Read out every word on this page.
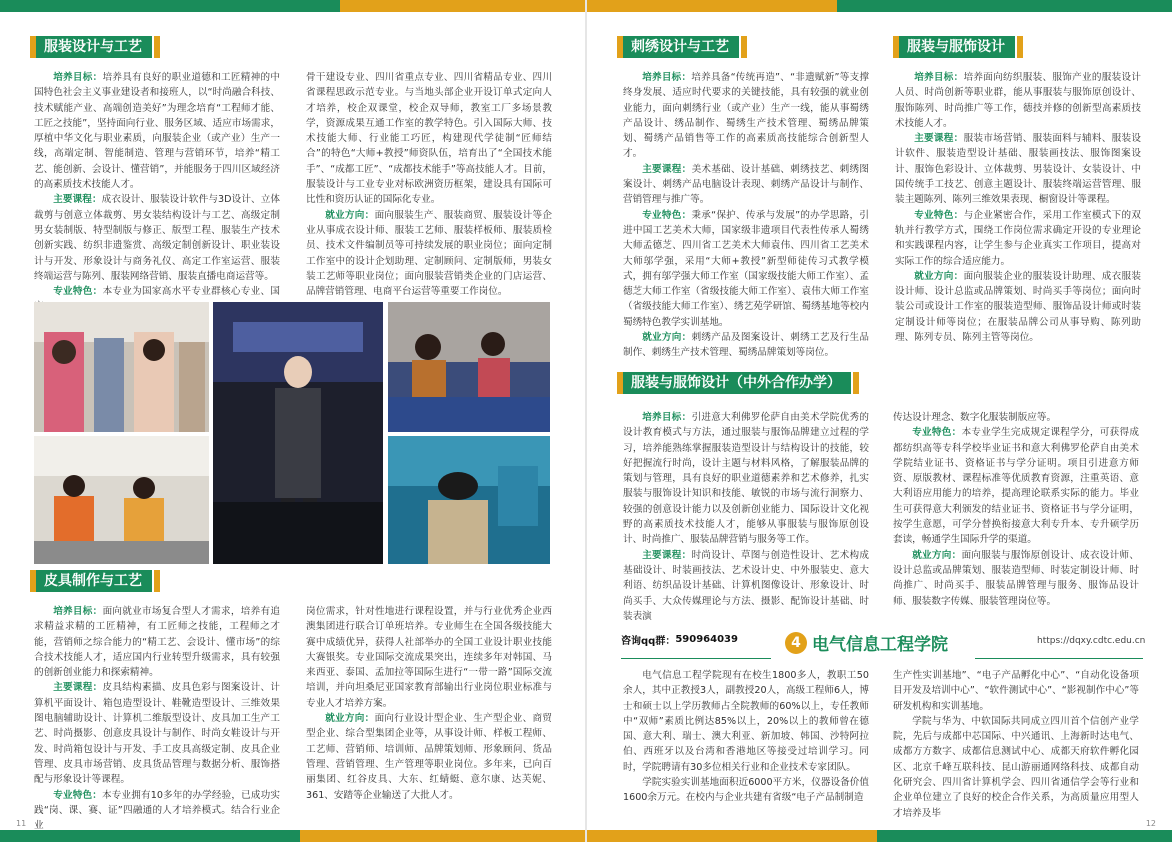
服装设计与工艺

培养目标：培养具有良好的职业道德和工匠精神的中国特色社会主义事业建设者和接班人，以“时尚融合科技、技术赋能产业、高端创造美好”为理念培育“工程师才能、工匠之技能”，坚持面向行业、服务区域、适应市场需求，厚植中华文化与职业素质，向服装企业（或产业）生产一线，高端定制、智能制造、管理与营销环节，培养“精工艺、能创新、会设计、懂营销”，并能服务于四川区域经济的高素质技术技能人才。

主要课程：成衣设计、服装设计软件与3D设计、立体裁剪与创意立体裁剪、男女装结构设计与工艺、高级定制男女装制版、特型制版与修正、版型工程、服装生产技术创新实践、纺织非遗鉴赏、高级定制创新设计、职业装设计与开发、形象设计与商务礼仪、高定工作室运营、服装终端运营与陈列、服装网络营销、服装直播电商运营等。

专业特色：本专业为国家高水平专业群核心专业、国

骨干建设专业、四川省重点专业、四川省精品专业、四川省课程思政示范专业。与当地头部企业开设订单式定向人才培养，校企双课堂，校企双导师，教室工厂多场景教学，资源成果互通工作室的教学特色。引入国际大师、技术技能大师、行业能工巧匠，构建现代学徒制“匠师结合”的特色“大师+教授”师资队伍，培育出了“全国技术能手”、“成都工匠”、“成都技术能手”等高技能人才。目前，服装设计与工业专业对标欧洲资历框架，建设具有国际可比性和资历认证的国际化专业。

就业方向：面向服装生产、服装商贸、服装设计等企业从事成衣设计师、服装工艺师、服装样板师、服装质检员、技术文件编制员等可持续发展的职业岗位；面向定制工作室中的设计企划助理、定制顾问、定制版师，男装女装工艺师等职业岗位；面向服装营销类企业的门店运营、品牌营销管理、电商平台运营等重要工作岗位。

皮具制作与工艺

培养目标：面向就业市场复合型人才需求，培养有追求精益求精的工匠精神，有工匠师之技能，工程师之才能，营销师之综合能力的“精工艺、会设计、懂市场”的综合技术技能人才，适应国内行业转型升级需求，具有较强的创新创业能力和探索精神。

主要课程：皮具结构素描、皮具色彩与图案设计、计算机平面设计、箱包造型设计、鞋靴造型设计、三维效果图电脑辅助设计、计算机二维版型设计、皮具加工生产工艺、时尚摄影、创意皮具设计与制作、时尚女鞋设计与开发、时尚箱包设计与开发、手工皮具高级定制、皮具企业管理、皮具市场营销、皮具货品管理与数据分析、服饰搭配与形象设计等课程。

专业特色：本专业拥有10多年的办学经验，已成功实践“岗、课、赛、证”四融通的人才培养模式。结合行业企业

岗位需求，针对性地进行课程设置，并与行业优秀企业西澳集团进行联合订单班培养。专业师生在全国各级技能大赛中成绩优异，获得人社部举办的全国工业设计职业技能大赛银奖。专业国际交流成果突出，连续多年对韩国、马来西亚、泰国、孟加拉等国际生进行“一带一路”国际交流培训，并向坦桑尼亚国家教育部输出行业岗位职业标准与专业人才培养方案。

就业方向：面向行业设计型企业、生产型企业、商贸型企业、综合型集团企业等，从事设计师、样板工程师、工艺师、营销师、培训师、品牌策划师、形象顾问、货品管理、营销管理、生产管理等职业岗位。多年来，已向百丽集团、红谷皮具、大东、红蜻蜓、意尔康、达芙妮、361、安踏等企业输送了大批人才。

11
刺绣设计与工艺

培养目标：培养具备“传统再造”、“非遗赋新”等支撑终身发展、适应时代要求的关键技能，具有较强的就业创业能力，面向刺绣行业（或产业）生产一线，能从事蜀绣产品设计、绣品制作、蜀绣生产技术管理、蜀绣品牌策划、蜀绣产品销售等工作的高素质高技能综合创新型人才。

主要课程：美术基础、设计基础、刺绣技艺、刺绣图案设计、刺绣产品电脑设计表现、刺绣产品设计与制作、营销管理与推广等。

专业特色：秉承“保护、传承与发展”的办学思路，引进中国工艺美术大师，国家级非遗项目代表性传承人蜀绣大师孟德芝、四川省工艺美术大师袁伟、四川省工艺美术大师邬学强，采用“大师+教授”新型师徒传习式教学模式，拥有邬学强大师工作室（国家级技能大师工作室）、孟德芝大师工作室（省级技能大师工作室）、袁伟大师工作室（省级技能大师工作室）、绣艺苑学研馆、蜀绣基地等校内蜀绣特色教学实训基地。

就业方向：刺绣产品及图案设计、刺绣工艺及行生品制作、刺绣生产技术管理、蜀绣品牌策划等岗位。

服装与服饰设计

培养目标：培养面向纺织服装、服饰产业的服装设计人员、时尚创新等职业群，能从事服装与服饰原创设计、服饰陈列、时尚推广等工作，德技并修的创新型高素质技术技能人才。

主要课程：服装市场营销、服装面料与辅料、服装设计软件、服装造型设计基础、服装画技法、服饰图案设计、服饰色彩设计、立体裁剪、男装设计、女装设计、中国传统手工技艺、创意主题设计、服装终端运营管理、服装主题陈列、陈列三维效果表现、橱窗设计等课程。

专业特色：与企业紧密合作，采用工作室模式下的双轨并行教学方式，围绕工作岗位需求确定开设的专业理论和实践课程内容，让学生参与企业真实工作项目，提高对实际工作的综合适应能力。

就业方向：面向服装企业的服装设计助理、成衣服装设计师、设计总监或品牌策划、时尚买手等岗位；面向时装公司或设计工作室的服装造型师、服饰品设计师或时装定制设计师等岗位；在服装品牌公司从事导购、陈列助理、陈列专员、陈列主管等岗位。

服装与服饰设计（中外合作办学）

培养目标：引进意大利佛罗伦萨自由美术学院优秀的设计教育模式与方法，通过服装与服饰品牌建立过程的学习，培养能熟练掌握服装造型设计与结构设计的技能，较好把握流行时尚，设计主题与材料风格，了解服装品牌的策划与管理，具有良好的职业道德素养和艺术修养，扎实服装与服饰设计知识和技能、敏锐的市场与流行洞察力、较强的创意设计能力以及创新创业能力、国际设计文化视野的高素质技术技能人才，能够从事服装与服饰原创设计、时尚推广、服装品牌营销与服务等工作。

主要课程：时尚设计、草图与创造性设计、艺术构成基础设计、时装画技法、艺术设计史、中外服装史、意大利语、纺织品设计基础、计算机图像设计、形象设计、时尚买手、大众传媒理论与方法、摄影、配饰设计基础、时装表演

传达设计理念、数字化服装制版应等。

专业特色：本专业学生完成规定课程学分，可获得成都纺织高等专科学校毕业证书和意大利佛罗伦萨自由美术学院结业证书、资格证书与学分证明。项目引进意方师资、原版教材、课程标准等优质教育资源，注重英语、意大利语应用能力的培养，提高理论联系实际的能力。毕业生可获得意大利颁发的结业证书、资格证书与学分证明，按学生意愿，可学分替换衔接意大利专升本、专升硕学历套读，畅通学生国际升学的渠道。

就业方向：面向服装与服饰原创设计、成衣设计师、设计总监或品牌策划、服装造型师、时装定制设计师、时尚推广、时尚买手、服装品牌管理与服务、服饰品设计师、服装数字传媒、服装管理岗位等。

咨询qq群： 590964039	4 电气信息工程学院	https://dqxy.cdtc.edu.cn

电气信息工程学院现有在校生1800多人，教职工50余人，其中正教授3人，副教授20人，高级工程师6人，博士和硕士以上学历教师占全院教师的60%以上，专任教师中“双师”素质比例达85%以上，20%以上的教师曾在德国、意大利、瑞士、澳大利亚、新加坡、韩国、沙特阿拉伯、西班牙以及台湾和香港地区等接受过培训学习。同时，学院聘请有30多位相关行业和企业技术专家团队。

学院实验实训基地面积近6000平方米，仪器设备价值1600余万元。在校内与企业共建有省级“电子产品制制造

生产性实训基地”、“电子产品孵化中心”、“自动化设备项目开发及培训中心”、“软件测试中心”、“影视制作中心”等研发机构和实训基地。

学院与华为、中软国际共同成立四川首个信创产业学院，先后与成都中芯国际、中兴通讯、上海新时达电气、成都方方数字、成都信息测试中心、成都天府软件孵化园区、北京千峰互联科技、昆山游丽通网络科技、成都自动化研究会、四川省计算机学会、四川省通信学会等行业和企业单位建立了良好的校企合作关系，为高质量应用型人才培养及毕

12
